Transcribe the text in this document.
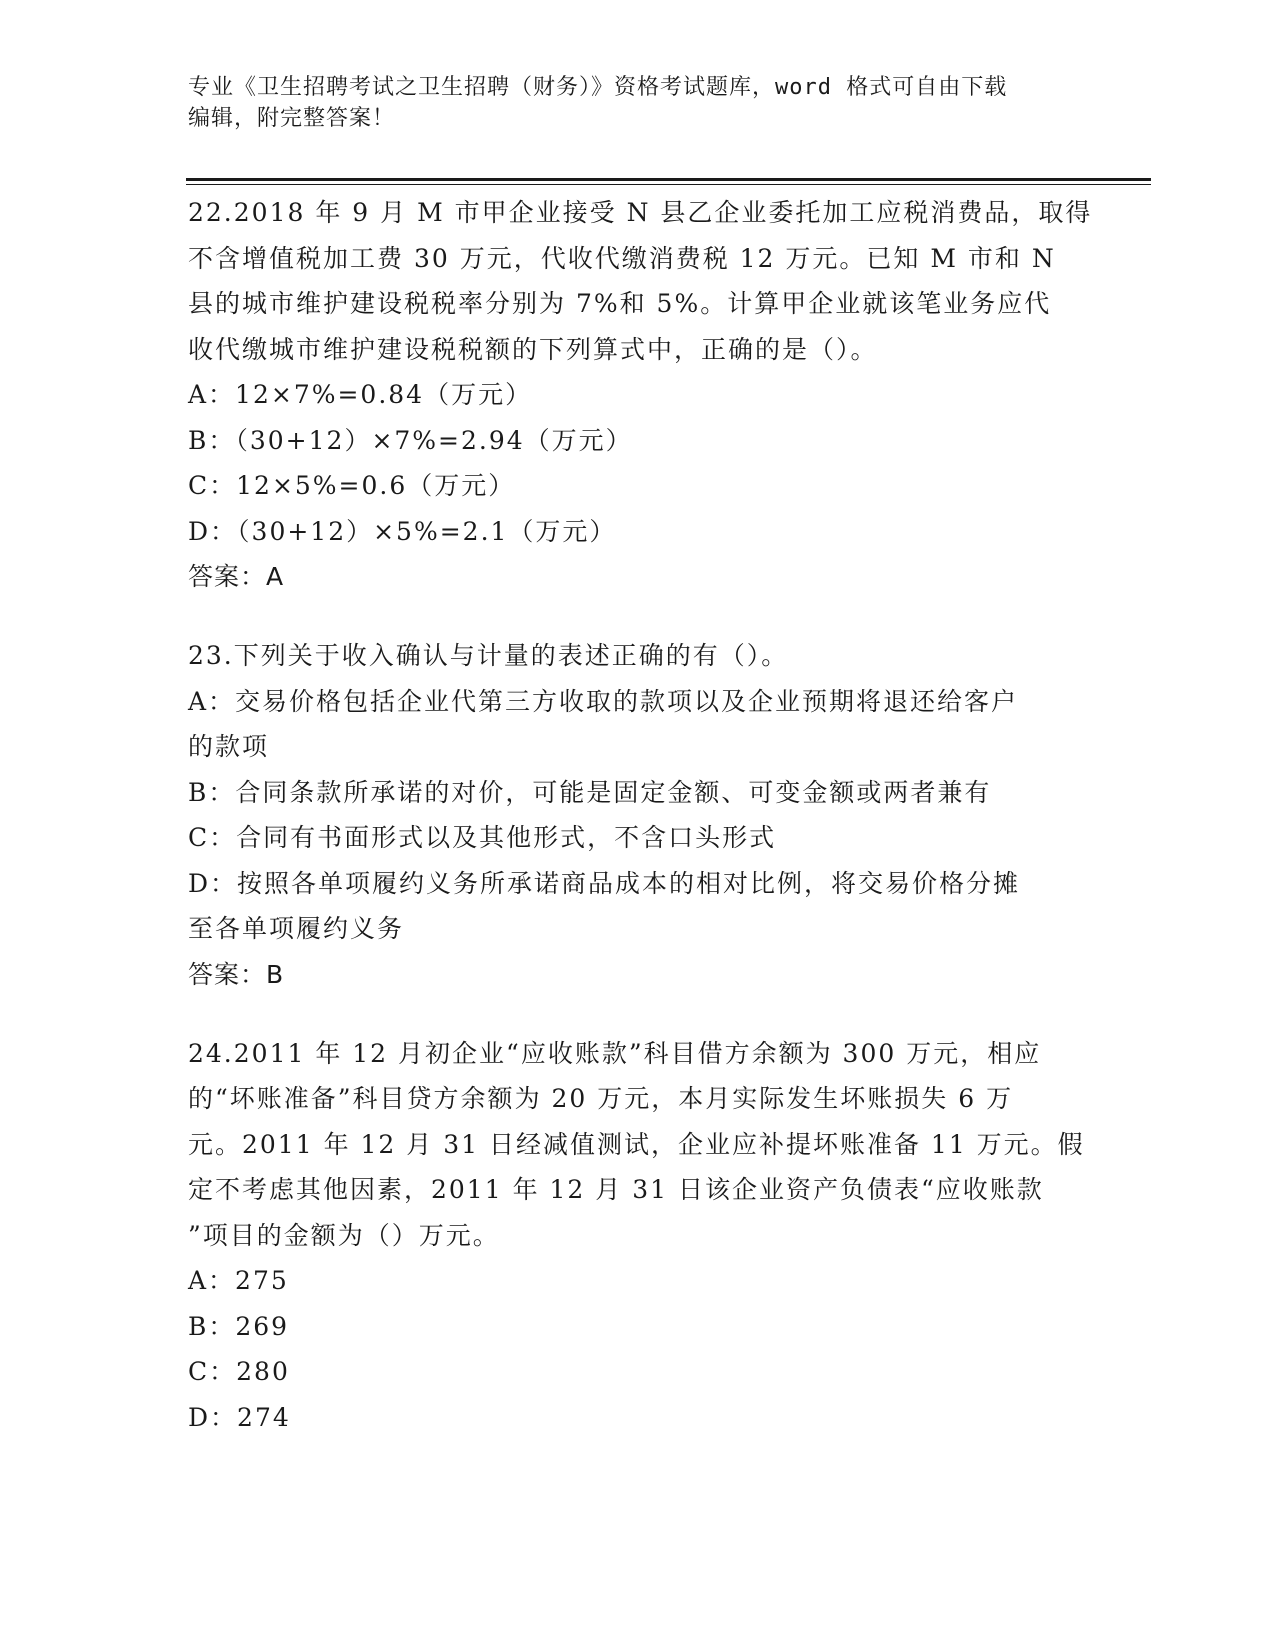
专业《卫生招聘考试之卫生招聘（财务）》资格考试题库，word 格式可自由下载
编辑，附完整答案！
22.2018 年 9 月 M 市甲企业接受 N 县乙企业委托加工应税消费品，取得
不含增值税加工费 30 万元，代收代缴消费税 12 万元。已知 M 市和 N
县的城市维护建设税税率分别为 7%和 5%。计算甲企业就该笔业务应代
收代缴城市维护建设税税额的下列算式中，正确的是（）。
A：12×7%=0.84（万元）
B：（30+12）×7%=2.94（万元）
C：12×5%=0.6（万元）
D：（30+12）×5%=2.1（万元）
答案：A
23.下列关于收入确认与计量的表述正确的有（）。
A：交易价格包括企业代第三方收取的款项以及企业预期将退还给客户
的款项
B：合同条款所承诺的对价，可能是固定金额、可变金额或两者兼有
C：合同有书面形式以及其他形式，不含口头形式
D：按照各单项履约义务所承诺商品成本的相对比例，将交易价格分摊
至各单项履约义务
答案：B
24.2011 年 12 月初企业“应收账款”科目借方余额为 300 万元，相应
的“坏账准备”科目贷方余额为 20 万元，本月实际发生坏账损失 6 万
元。2011 年 12 月 31 日经减值测试，企业应补提坏账准备 11 万元。假
定不考虑其他因素，2011 年 12 月 31 日该企业资产负债表“应收账款
”项目的金额为（）万元。
A：275
B：269
C：280
D：274
